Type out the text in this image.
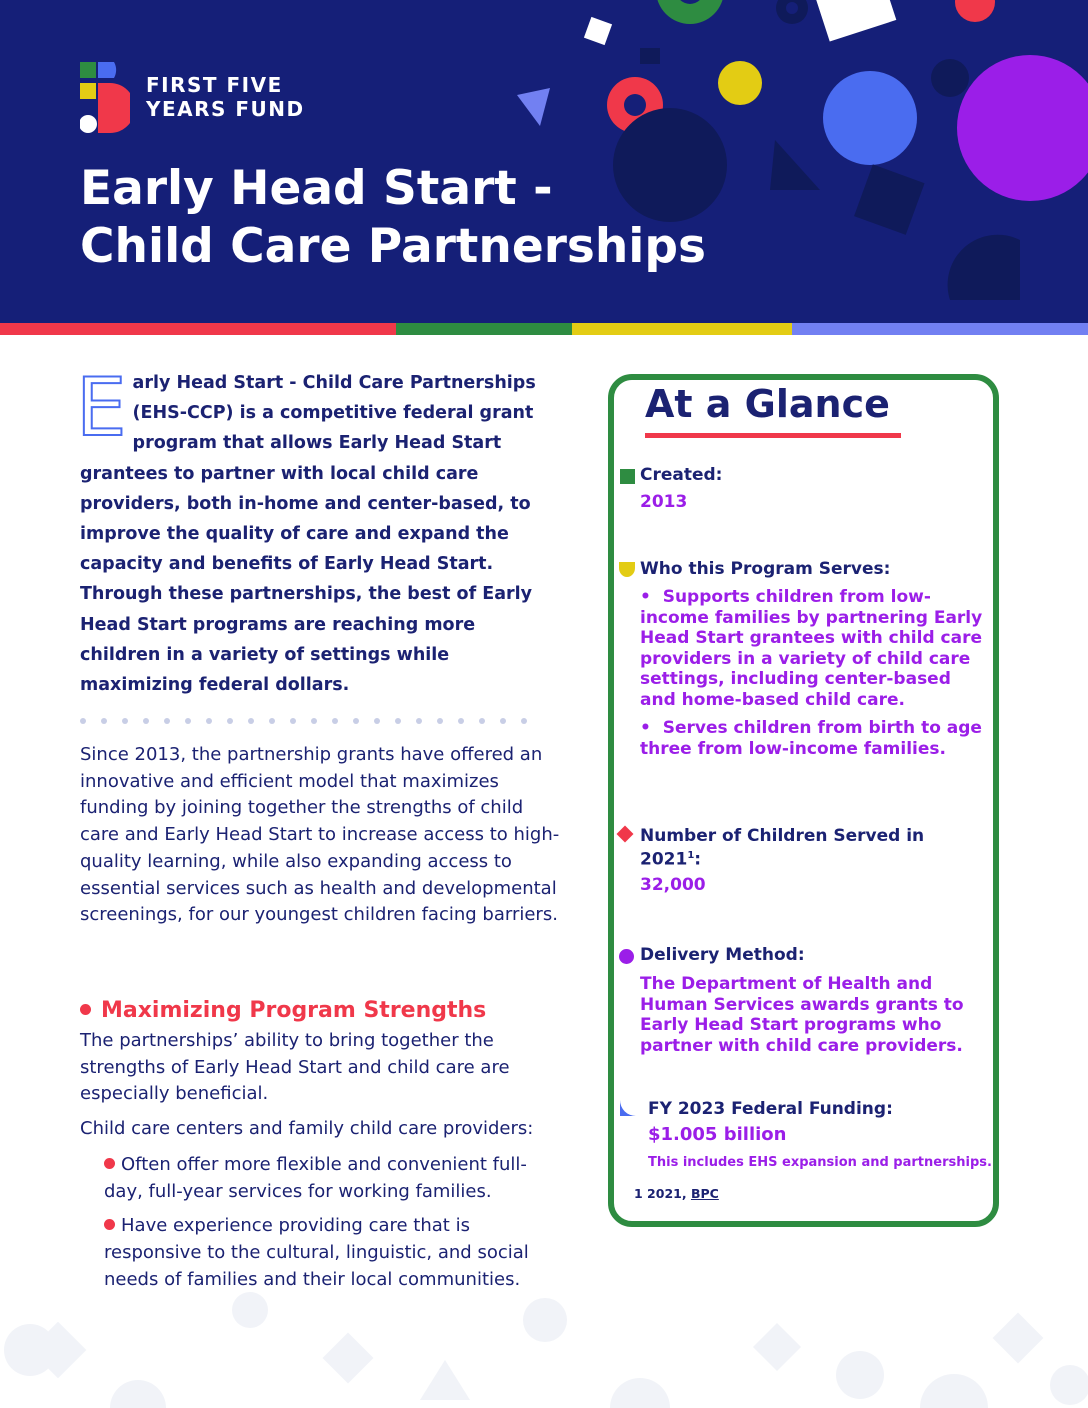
FIRST FIVE
YEARS FUND
Early Head Start -
Child Care Partnerships

Early Head Start - Child Care Partnerships (EHS-CCP) is a competitive federal grant program that allows Early Head Start grantees to partner with local child care providers, both in-home and center-based, to improve the quality of care and expand the capacity and benefits of Early Head Start. Through these partnerships, the best of Early Head Start programs are reaching more children in a variety of settings while maximizing federal dollars.

Since 2013, the partnership grants have offered an innovative and efficient model that maximizes funding by joining together the strengths of child care and Early Head Start to increase access to high-quality learning, while also expanding access to essential services such as health and developmental screenings, for our youngest children facing barriers.

Maximizing Program Strengths

The partnerships’ ability to bring together the strengths of Early Head Start and child care are especially beneficial.

Child care centers and family child care providers:

Often offer more flexible and convenient full-day, full-year services for working families.

Have experience providing care that is responsive to the cultural, linguistic, and social needs of families and their local communities.

At a Glance
Created:
2013
Who this Program Serves:
•  Supports children from low-income families by partnering Early Head Start grantees with child care providers in a variety of child care settings, including center-based and home-based child care.
•  Serves children from birth to age three from low-income families.
Number of Children Served in 2021$^1$:
32,000
Delivery Method:
The Department of Health and Human Services awards grants to Early Head Start programs who partner with child care providers.
FY 2023 Federal Funding:
$1.005 billion
This includes EHS expansion and partnerships.
1 2021, BPC
